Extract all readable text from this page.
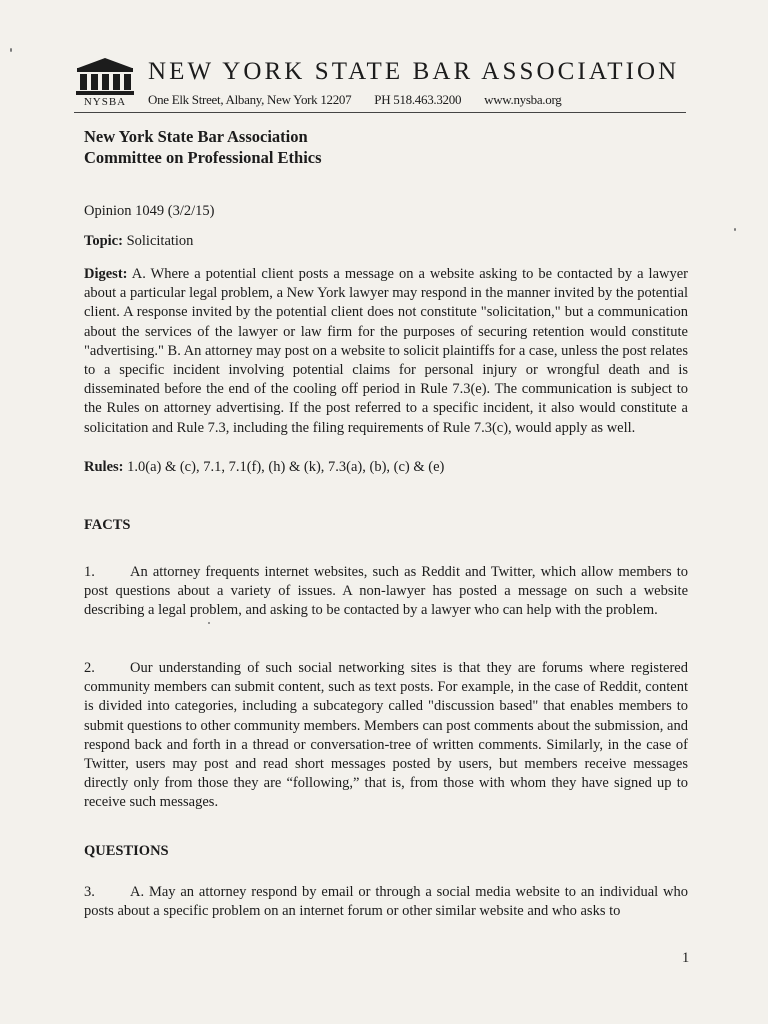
NYSBA
NEW YORK STATE BAR ASSOCIATION
One Elk Street, Albany, New York 12207 PH 518.463.3200 www.nysba.org
New York State Bar Association
Committee on Professional Ethics
Opinion 1049 (3/2/15)
Topic: Solicitation
Digest: A. Where a potential client posts a message on a website asking to be contacted by a lawyer about a particular legal problem, a New York lawyer may respond in the manner invited by the potential client. A response invited by the potential client does not constitute "solicitation," but a communication about the services of the lawyer or law firm for the purposes of securing retention would constitute "advertising." B. An attorney may post on a website to solicit plaintiffs for a case, unless the post relates to a specific incident involving potential claims for personal injury or wrongful death and is disseminated before the end of the cooling off period in Rule 7.3(e). The communication is subject to the Rules on attorney advertising. If the post referred to a specific incident, it also would constitute a solicitation and Rule 7.3, including the filing requirements of Rule 7.3(c), would apply as well.
Rules: 1.0(a) & (c), 7.1, 7.1(f), (h) & (k), 7.3(a), (b), (c) & (e)
FACTS
1. An attorney frequents internet websites, such as Reddit and Twitter, which allow members to post questions about a variety of issues. A non-lawyer has posted a message on such a website describing a legal problem, and asking to be contacted by a lawyer who can help with the problem.
2. Our understanding of such social networking sites is that they are forums where registered community members can submit content, such as text posts. For example, in the case of Reddit, content is divided into categories, including a subcategory called "discussion based" that enables members to submit questions to other community members. Members can post comments about the submission, and respond back and forth in a thread or conversation-tree of written comments. Similarly, in the case of Twitter, users may post and read short messages posted by users, but members receive messages directly only from those they are “following,” that is, from those with whom they have signed up to receive such messages.
QUESTIONS
3. A. May an attorney respond by email or through a social media website to an individual who posts about a specific problem on an internet forum or other similar website and who asks to
1
